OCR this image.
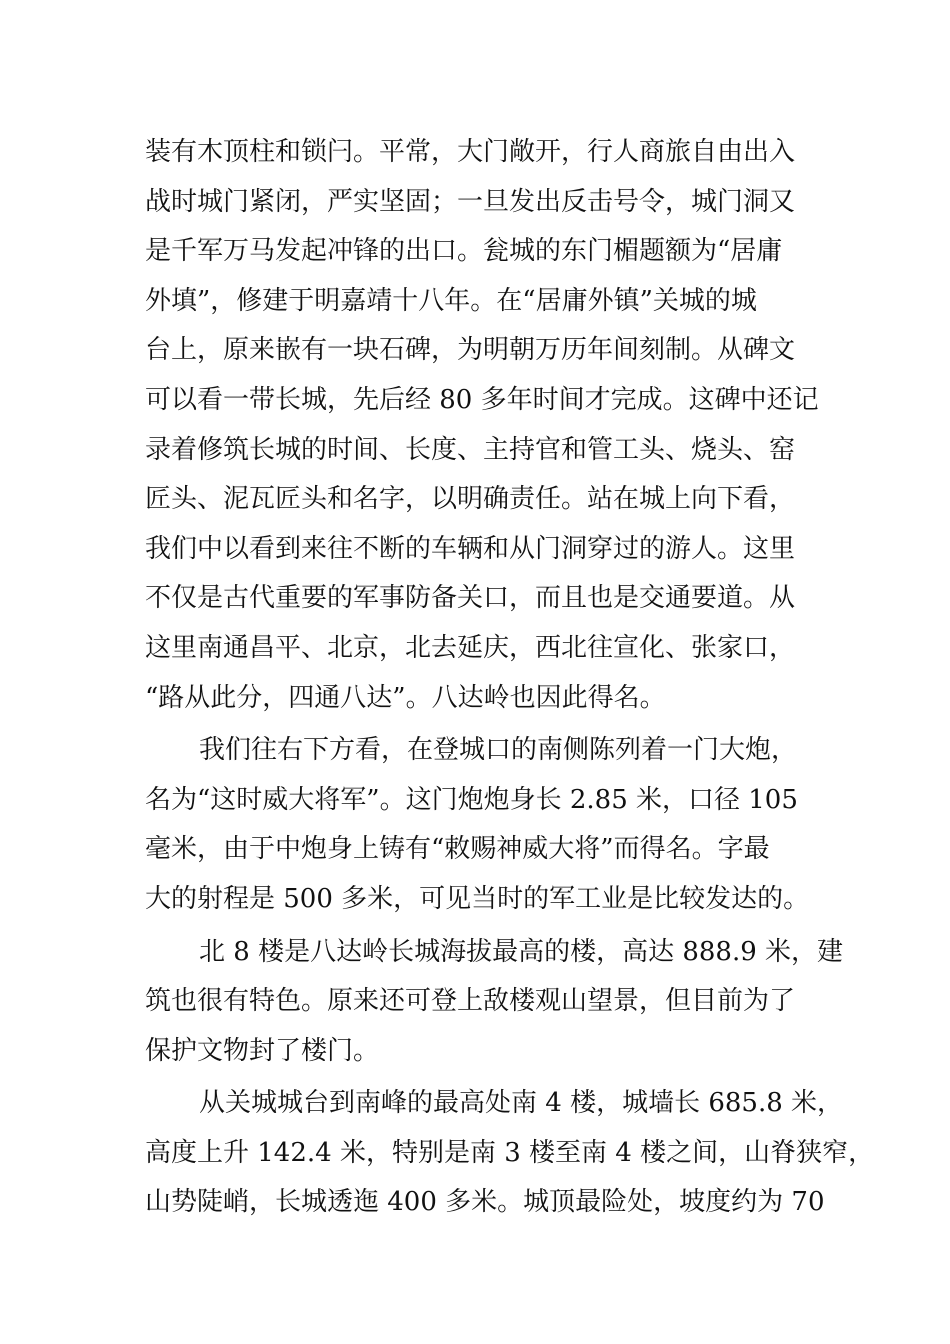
装有木顶柱和锁闩。平常，大门敞开，行人商旅自由出入
战时城门紧闭，严实坚固；一旦发出反击号令，城门洞又
是千军万马发起冲锋的出口。瓮城的东门楣题额为“居庸
外填”，修建于明嘉靖十八年。在“居庸外镇”关城的城
台上，原来嵌有一块石碑，为明朝万历年间刻制。从碑文
可以看一带长城，先后经 80 多年时间才完成。这碑中还记
录着修筑长城的时间、长度、主持官和管工头、烧头、窑
匠头、泥瓦匠头和名字，以明确责任。站在城上向下看，
我们中以看到来往不断的车辆和从门洞穿过的游人。这里
不仅是古代重要的军事防备关口，而且也是交通要道。从
这里南通昌平、北京，北去延庆，西北往宣化、张家口，
“路从此分，四通八达”。八达岭也因此得名。
我们往右下方看，在登城口的南侧陈列着一门大炮，
名为“这时威大将军”。这门炮炮身长 2.85 米，口径 105
毫米，由于中炮身上铸有“敕赐神威大将”而得名。字最
大的射程是 500 多米，可见当时的军工业是比较发达的。
北 8 楼是八达岭长城海拔最高的楼，高达 888.9 米，建
筑也很有特色。原来还可登上敌楼观山望景，但目前为了
保护文物封了楼门。
从关城城台到南峰的最高处南 4 楼，城墙长 685.8 米，
高度上升 142.4 米，特别是南 3 楼至南 4 楼之间，山脊狭窄，
山势陡峭，长城透迤 400 多米。城顶最险处，坡度约为 70
